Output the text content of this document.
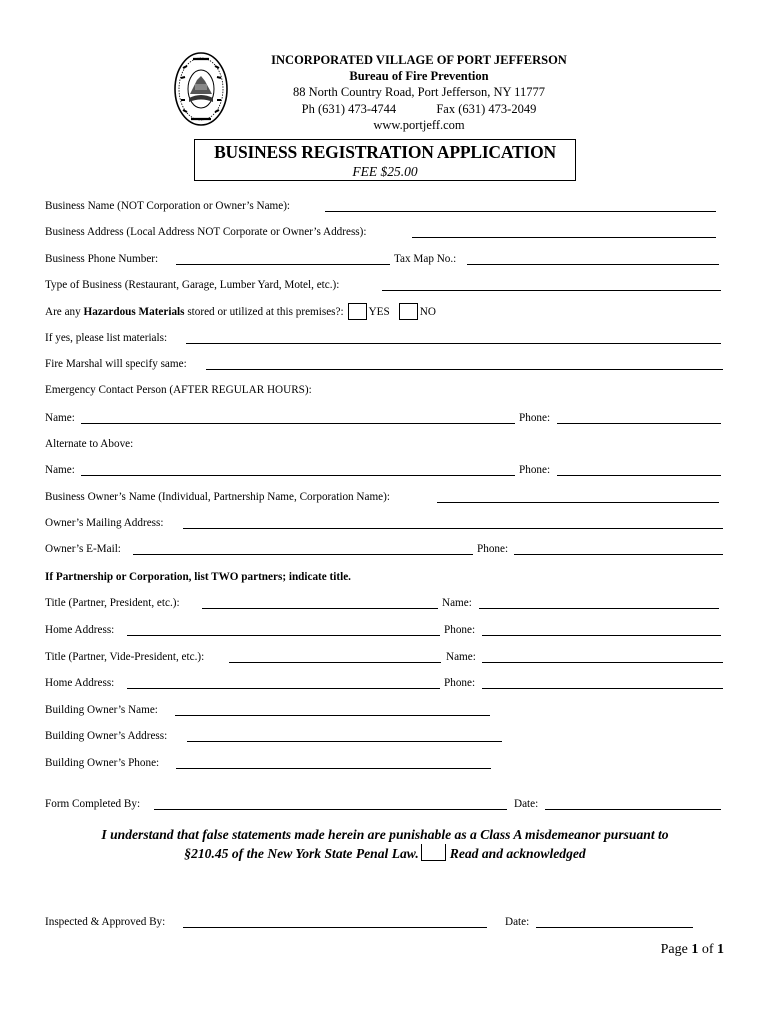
INCORPORATED VILLAGE OF PORT JEFFERSON
Bureau of Fire Prevention
88 North Country Road, Port Jefferson, NY 11777
Ph (631) 473-4744	Fax (631) 473-2049
www.portjeff.com
BUSINESS REGISTRATION APPLICATION
FEE $25.00
Business Name (NOT Corporation or Owner’s Name):
Business Address (Local Address NOT Corporate or Owner’s Address):
Business Phone Number:	Tax Map No.:
Type of Business (Restaurant, Garage, Lumber Yard, Motel, etc.):
Are any Hazardous Materials stored or utilized at this premises?: YES	NO
If yes, please list materials:
Fire Marshal will specify same:
Emergency Contact Person (AFTER REGULAR HOURS):
Name:	Phone:
Alternate to Above:
Name:	Phone:
Business Owner’s Name (Individual, Partnership Name, Corporation Name):
Owner’s Mailing Address:
Owner’s E-Mail:	Phone:
If Partnership or Corporation, list TWO partners; indicate title.
Title (Partner, President, etc.):	Name:
Home Address:	Phone:
Title (Partner, Vide-President, etc.):	Name:
Home Address:	Phone:
Building Owner’s Name:
Building Owner’s Address:
Building Owner’s Phone:
Form Completed By:	Date:
I understand that false statements made herein are punishable as a Class A misdemeanor pursuant to
§210.45 of the New York State Penal Law. Read and acknowledged
Inspected & Approved By:	Date:
Page 1 of 1
